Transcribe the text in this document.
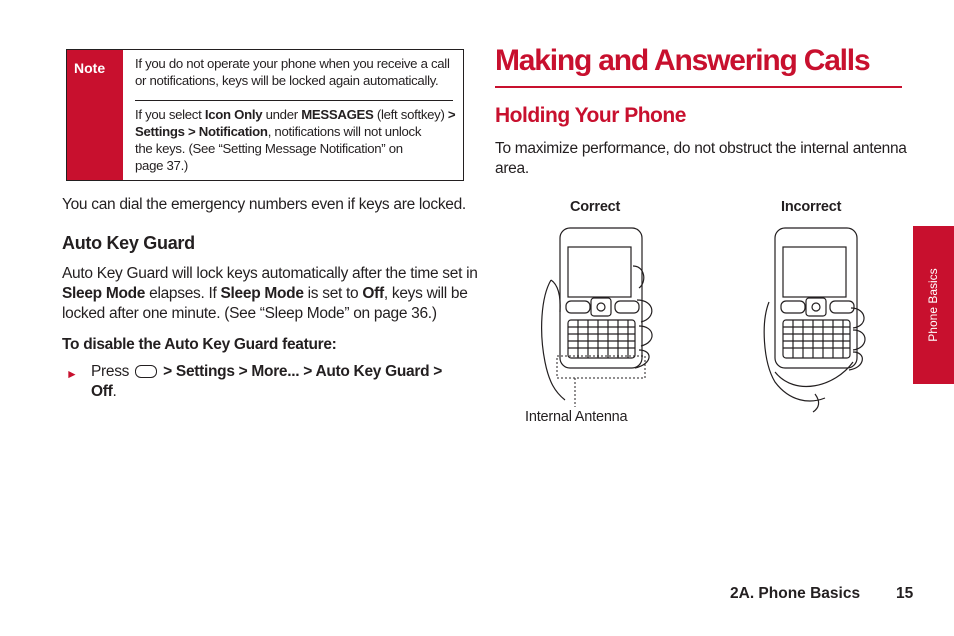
Note	If you do not operate your phone when you receive a call
or notifications, keys will be locked again automatically.
If you select Icon Only under MESSAGES (left softkey) >
Settings > Notification, notifications will not unlock
the keys. (See “Setting Message Notification” on
page 37.)
You can dial the emergency numbers even if keys are locked.
Auto Key Guard
Auto Key Guard will lock keys automatically after the time set in
Sleep Mode elapses. If Sleep Mode is set to Off, keys will be
locked after one minute. (See “Sleep Mode” on page 36.)
To disable the Auto Key Guard feature:
► Press  > Settings > More... > Auto Key Guard >
Off.
Making and Answering Calls
Holding Your Phone
To maximize performance, do not obstruct the internal antenna
area.
Correct	Incorrect
Internal Antenna
Phone Basics
2A. Phone Basics 15
